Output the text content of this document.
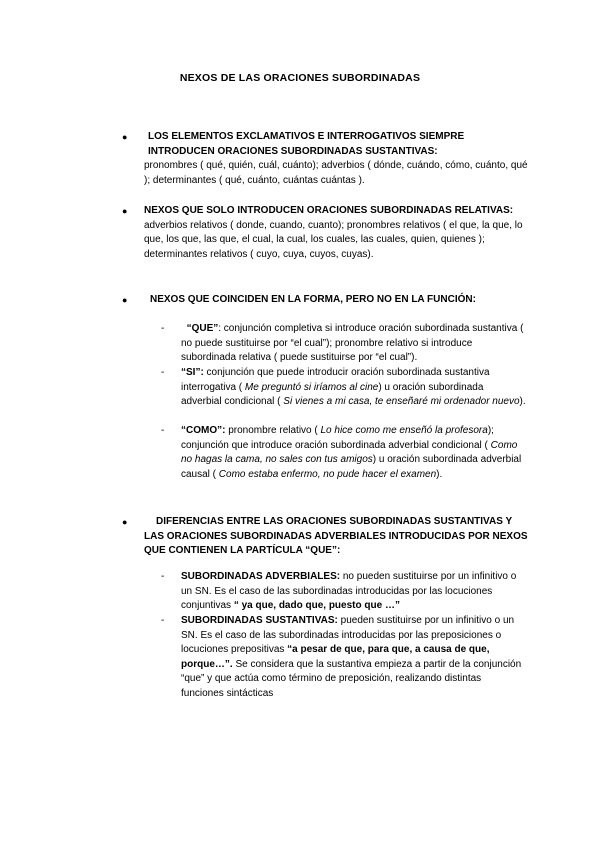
NEXOS DE LAS ORACIONES SUBORDINADAS
●	LOS ELEMENTOS EXCLAMATIVOS E INTERROGATIVOS SIEMPRE INTRODUCEN ORACIONES SUBORDINADAS SUSTANTIVAS:
pronombres ( qué, quién, cuál, cuánto); adverbios ( dónde, cuándo, cómo, cuánto, qué ); determinantes ( qué, cuánto, cuántas cuántas ).
● NEXOS QUE SOLO INTRODUCEN ORACIONES SUBORDINADAS RELATIVAS: adverbios relativos ( donde, cuando, cuanto); pronombres relativos ( el que, la que, lo que, los que, las que, el cual, la cual, los cuales, las cuales, quien, quienes ); determinantes relativos ( cuyo, cuya, cuyos, cuyas).
●	NEXOS QUE COINCIDEN EN LA FORMA, PERO NO EN LA FUNCIÓN:
-	“QUE”: conjunción completiva si introduce oración subordinada sustantiva ( no puede sustituirse por “el cual”); pronombre relativo si introduce subordinada relativa ( puede sustituirse por “el cual”).
- “SI”: conjunción que puede introducir oración subordinada sustantiva interrogativa ( Me preguntó si iríamos al cine) u oración subordinada adverbial condicional ( Si vienes a mi casa, te enseñaré mi ordenador nuevo).
- “COMO”: pronombre relativo ( Lo hice como me enseñó la profesora); conjunción que introduce oración subordinada adverbial condicional ( Como no hagas la cama, no sales con tus amigos) u oración subordinada adverbial causal ( Como estaba enfermo, no pude hacer el examen).
●	DIFERENCIAS ENTRE LAS ORACIONES SUBORDINADAS SUSTANTIVAS Y LAS ORACIONES SUBORDINADAS ADVERBIALES INTRODUCIDAS POR NEXOS QUE CONTIENEN LA PARTÍCULA “QUE”:
- SUBORDINADAS ADVERBIALES: no pueden sustituirse por un infinitivo o un SN. Es el caso de las subordinadas introducidas por las locuciones conjuntivas “ ya que, dado que, puesto que …”
- SUBORDINADAS SUSTANTIVAS: pueden sustituirse por un infinitivo o un SN. Es el caso de las subordinadas introducidas por las preposiciones o locuciones prepositivas “a pesar de que, para que, a causa de que, porque…”. Se considera que la sustantiva empieza a partir de la conjunción “que” y que actúa como término de preposición, realizando distintas funciones sintácticas
